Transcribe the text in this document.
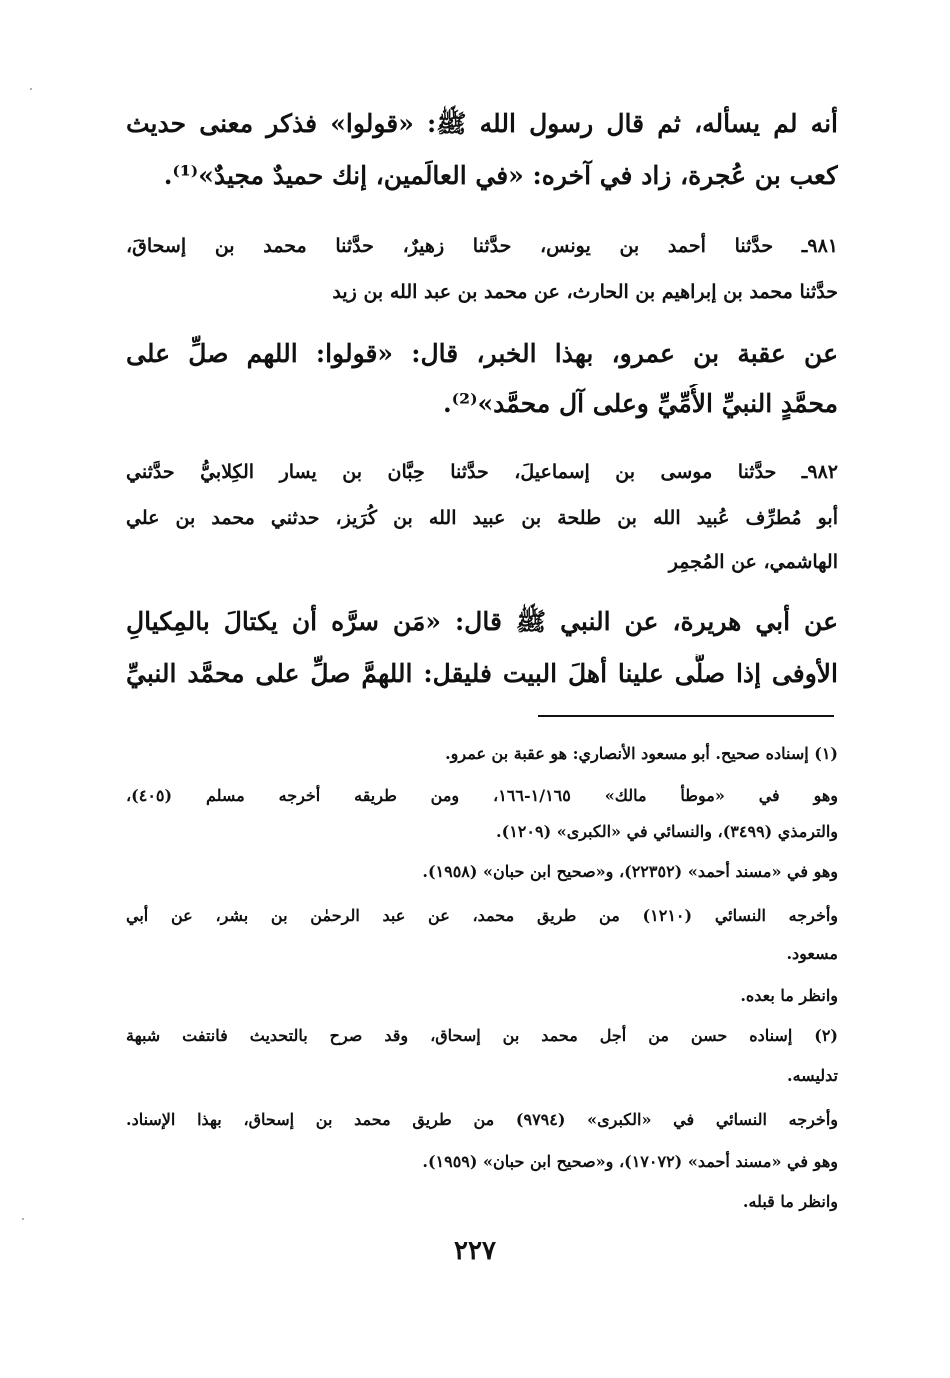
أنه لم يسأله، ثم قال رسول الله ﷺ: «قولوا» فذكر معنى حديث
كعب بن عُجرة، زاد في آخره: «في العالَمين، إنك حميدٌ مجيدٌ»⁽¹⁾.
٩٨١ـ حدَّثنا أحمد بن يونس، حدَّثنا زهيرٌ، حدَّثنا محمد بن إسحاقَ،
حدَّثنا محمد بن إبراهيم بن الحارث، عن محمد بن عبد الله بن زيد
عن عقبة بن عمرو، بهذا الخبر، قال: «قولوا: اللهم صلِّ على
محمَّدٍ النبيِّ الأُمِّيِّ وعلى آل محمَّد»⁽²⁾.
٩٨٢ـ حدَّثنا موسى بن إسماعيلَ، حدَّثنا حِبَّان بن يسار الكِلابيُّ حدَّثني
أبو مُطرِّف عُبيد الله بن طلحة بن عبيد الله بن كُرَيز، حدثني محمد بن علي
الهاشمي، عن المُجمِر
عن أبي هريرة، عن النبي ﷺ قال: «مَن سرَّه أن يكتالَ بالمِكيالِ
الأوفى إذا صلَّى علينا أهلَ البيت فليقل: اللهمَّ صلِّ على محمَّد النبيِّ
(١) إسناده صحيح. أبو مسعود الأنصاري: هو عقبة بن عمرو.
وهو في «موطأ مالك» ١/١٦٥-١٦٦، ومن طريقه أخرجه مسلم (٤٠٥)،
والترمذي (٣٤٩٩)، والنسائي في «الكبرى» (١٢٠٩).
وهو في «مسند أحمد» (٢٢٣٥٢)، و«صحيح ابن حبان» (١٩٥٨).
وأخرجه النسائي (١٢١٠) من طريق محمد، عن عبد الرحمٰن بن بشر، عن أبي
مسعود.
وانظر ما بعده.
(٢) إسناده حسن من أجل محمد بن إسحاق، وقد صرح بالتحديث فانتفت شبهة
تدليسه.
وأخرجه النسائي في «الكبرى» (٩٧٩٤) من طريق محمد بن إسحاق، بهذا الإسناد.
وهو في «مسند أحمد» (١٧٠٧٢)، و«صحيح ابن حبان» (١٩٥٩).
وانظر ما قبله.
٢٢٧
